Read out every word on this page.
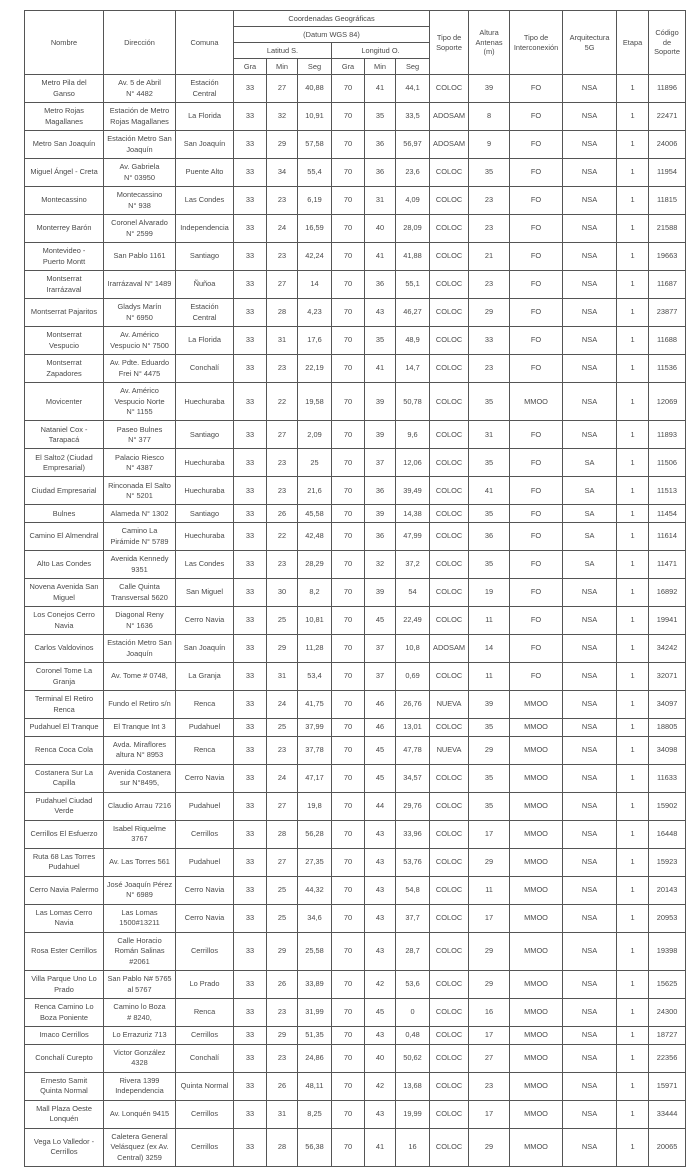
Nombre	Dirección	Comuna	Coordenadas Geográficas						Tipo de
Soporte	Altura
Antenas
(m)	Tipo de
Interconexión	Arquitectura
5G	Etapa	Código
de
Soporte
			(Datum WGS 84)											
			Latitud S.			Longitud O.								
			Gra	Min	Seg	Gra	Min	Seg						
Metro Pila del
Ganso	Av. 5 de Abril
N° 4482	Estación
Central	33	27	40,88	70	41	44,1	COLOC	39	FO	NSA	1	11896
Metro Rojas
Magallanes	Estación de Metro
Rojas Magallanes	La Florida	33	32	10,91	70	35	33,5	ADOSAM	8	FO	NSA	1	22471
Metro San Joaquín	Estación Metro San
Joaquín	San Joaquín	33	29	57,58	70	36	56,97	ADOSAM	9	FO	NSA	1	24006
Miguel Ángel - Creta	Av. Gabriela
N° 03950	Puente Alto	33	34	55,4	70	36	23,6	COLOC	35	FO	NSA	1	11954
Montecassino	Montecassino
N° 938	Las Condes	33	23	6,19	70	31	4,09	COLOC	23	FO	NSA	1	11815
Monterrey Barón	Coronel Alvarado
N° 2599	Independencia	33	24	16,59	70	40	28,09	COLOC	23	FO	NSA	1	21588
Montevideo -
Puerto Montt	San Pablo 1161	Santiago	33	23	42,24	70	41	41,88	COLOC	21	FO	NSA	1	19663
Montserrat
Irarrázaval	Irarrázaval N° 1489	Ñuñoa	33	27	14	70	36	55,1	COLOC	23	FO	NSA	1	11687
Montserrat Pajaritos	Gladys Marín
N° 6950	Estación
Central	33	28	4,23	70	43	46,27	COLOC	29	FO	NSA	1	23877
Montserrat
Vespucio	Av. Américo
Vespucio N° 7500	La Florida	33	31	17,6	70	35	48,9	COLOC	33	FO	NSA	1	11688
Montserrat
Zapadores	Av. Pdte. Eduardo
Frei N° 4475	Conchalí	33	23	22,19	70	41	14,7	COLOC	23	FO	NSA	1	11536
Movicenter	Av. Américo
Vespucio Norte
N° 1155	Huechuraba	33	22	19,58	70	39	50,78	COLOC	35	MMOO	NSA	1	12069
Nataniel Cox -
Tarapacá	Paseo Bulnes
N° 377	Santiago	33	27	2,09	70	39	9,6	COLOC	31	FO	NSA	1	11893
El Salto2 (Ciudad
Empresarial)	Palacio Riesco
N° 4387	Huechuraba	33	23	25	70	37	12,06	COLOC	35	FO	SA	1	11506
Ciudad Empresarial	Rinconada El Salto
N° 5201	Huechuraba	33	23	21,6	70	36	39,49	COLOC	41	FO	SA	1	11513
Bulnes	Alameda N° 1302	Santiago	33	26	45,58	70	39	14,38	COLOC	35	FO	SA	1	11454
Camino El Almendral	Camino La
Pirámide N° 5789	Huechuraba	33	22	42,48	70	36	47,99	COLOC	36	FO	SA	1	11614
Alto Las Condes	Avenida Kennedy
9351	Las Condes	33	23	28,29	70	32	37,2	COLOC	35	FO	SA	1	11471
Novena Avenida San
Miguel	Calle Quinta
Transversal 5620	San Miguel	33	30	8,2	70	39	54	COLOC	19	FO	NSA	1	16892
Los Conejos Cerro
Navia	Diagonal Reny
N° 1636	Cerro Navia	33	25	10,81	70	45	22,49	COLOC	11	FO	NSA	1	19941
Carlos Valdovinos	Estación Metro San
Joaquín	San Joaquín	33	29	11,28	70	37	10,8	ADOSAM	14	FO	NSA	1	34242
Coronel Tome La
Granja	Av. Tome # 0748,	La Granja	33	31	53,4	70	37	0,69	COLOC	11	FO	NSA	1	32071
Terminal El Retiro
Renca	Fundo el Retiro s/n	Renca	33	24	41,75	70	46	26,76	NUEVA	39	MMOO	NSA	1	34097
Pudahuel El Tranque	El Tranque Int 3	Pudahuel	33	25	37,99	70	46	13,01	COLOC	35	MMOO	NSA	1	18805
Renca Coca Cola	Avda. Miraflores
altura N° 8953	Renca	33	23	37,78	70	45	47,78	NUEVA	29	MMOO	NSA	1	34098
Costanera Sur La
Capilla	Avenida Costanera
sur N°8495,	Cerro Navia	33	24	47,17	70	45	34,57	COLOC	35	MMOO	NSA	1	11633
Pudahuel Ciudad
Verde	Claudio Arrau 7216	Pudahuel	33	27	19,8	70	44	29,76	COLOC	35	MMOO	NSA	1	15902
Cerrillos El Esfuerzo	Isabel Riquelme
3767	Cerrillos	33	28	56,28	70	43	33,96	COLOC	17	MMOO	NSA	1	16448
Ruta 68 Las Torres
Pudahuel	Av. Las Torres 561	Pudahuel	33	27	27,35	70	43	53,76	COLOC	29	MMOO	NSA	1	15923
Cerro Navia Palermo	José Joaquín Pérez
N° 6989	Cerro Navia	33	25	44,32	70	43	54,8	COLOC	11	MMOO	NSA	1	20143
Las Lomas Cerro
Navia	Las Lomas
1500#13211	Cerro Navia	33	25	34,6	70	43	37,7	COLOC	17	MMOO	NSA	1	20953
Rosa Ester Cerrillos	Calle Horacio
Román Salinas
#2061	Cerrillos	33	29	25,58	70	43	28,7	COLOC	29	MMOO	NSA	1	19398
Villa Parque Uno Lo
Prado	San Pablo N# 5765
al 5767	Lo Prado	33	26	33,89	70	42	53,6	COLOC	29	MMOO	NSA	1	15625
Renca Camino Lo
Boza Poniente	Camino lo Boza
# 8240,	Renca	33	23	31,99	70	45	0	COLOC	16	MMOO	NSA	1	24300
Imaco Cerrillos	Lo Errazuriz 713	Cerrillos	33	29	51,35	70	43	0,48	COLOC	17	MMOO	NSA	1	18727
Conchalí Curepto	Victor González
4328	Conchalí	33	23	24,86	70	40	50,62	COLOC	27	MMOO	NSA	1	22356
Ernesto Samit
Quinta Normal	Rivera 1399
Independencia	Quinta Normal	33	26	48,11	70	42	13,68	COLOC	23	MMOO	NSA	1	15971
Mall Plaza Oeste
Lonquén	Av. Lonquén 9415	Cerrillos	33	31	8,25	70	43	19,99	COLOC	17	MMOO	NSA	1	33444
Vega Lo Valledor -
Cerrillos	Caletera General
Velásquez (ex Av.
Central) 3259	Cerrillos	33	28	56,38	70	41	16	COLOC	29	MMOO	NSA	1	20065
